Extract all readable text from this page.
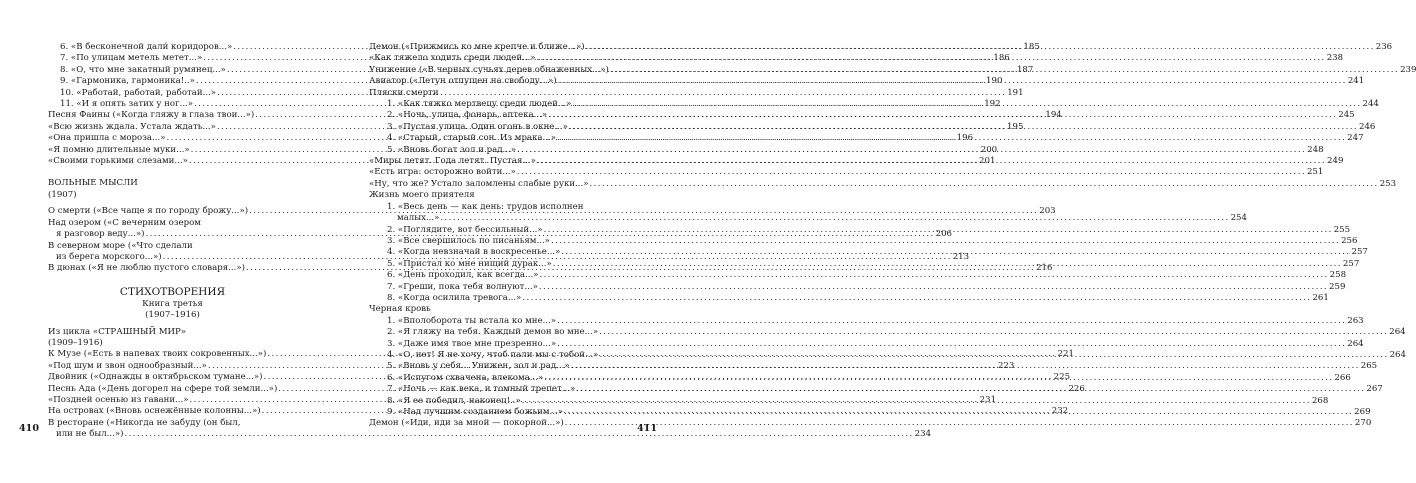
6. «В бесконечной дали́ коридоров...» .....	185
7. «По улицам метель метет...» .....	186
8. «О, что мне закатный румянец...» .....	187
9. «Гармоника, гармоника!..» .....	190
10. «Работай, работай, работай...» .....	191
11. «И я опять затих у ног...» .....	192
Песня Фаины («Когда гляжу в глаза твои...») .....	194
«Всю жизнь ждала. Устала ждать...» .....	195
«Она пришла с мороза...» .....	196
«Я помню длительные муки...» .....	200
«Своими горькими слезами...» .....	201
ВОЛЬНЫЕ МЫСЛИ
(1907)
О смерти («Все чаще я по городу брожу...») .....	203
Над озером («С вечерним озером
я разговор веду...») .....	206
В северном море («Что сделали
из берега морского...») .....	213
В дюнах («Я не люблю пустого словаря...») .....	216
СТИХОТВОРЕНИЯ
Книга третья
(1907–1916)
Из цикла «СТРАШНЫЙ МИР»
(1909–1916)
К Музе («Есть в напевах твоих сокровенных...») .....	221
«Под шум и звон однообразный...» .....	223
Двойник («Однажды в октябрьском тумане...») .....	225
Песнь Ада («День догорел на сфере той земли...») .....	226
«Поздней осенью из гавани...» .....	231
На островах («Вновь оснежённые колонны...») .....	232
В ресторане («Никогда не забуду (он был,
или не был...») .....	234
410
Демон («Прижмись ко мне крепче и ближе...») .....	236
«Как тяжело ходить среди людей...» .....	238
Унижение («В черных сучьях дерев обнаженных...») .....	239
Авиатор («Летун отпущен на свободу...») .....	241
Пляски смерти
1. «Как тяжко мертвецу среди людей...» .....	244
2. «Ночь, улица, фонарь, аптека...» .....	245
3. «Пустая улица. Один огонь в окне...» .....	246
4. «Старый, старый сон. Из мрака...» .....	247
5. «Вновь богат зол и рад...» .....	248
«Миры летят. Года летят. Пустая...» .....	249
«Есть игра: осторожно войти...» .....	251
«Ну, что же? Устало заломлены слабые руки...» .....	253
Жизнь моего приятеля
1. «Весь день — как день: трудов исполнен
малых...» .....	254
2. «Поглядите, вот бессильный...» .....	255
3. «Все свершилось по писаньям...» .....	256
4. «Когда невзначай в воскресенье...» .....	257
5. «Пристал ко мне нищий дурак...» .....	257
6. «День проходил, как всегда...» .....	258
7. «Греши, пока тебя волнуют...» .....	259
8. «Когда осилила тревога...» .....	261
Черная кровь
1. «Вполоборота ты встала ко мне...» .....	263
2. «Я гляжу на тебя. Каждый демон во мне...» .....	264
3. «Даже имя твое мне презренно...» .....	264
4. «О, нет! Я не хочу, чтоб пали мы с тобой...» .....	264
5. «Вновь у себя... Унижен, зол и рад...» .....	265
6. «Испугом схвачена, влекома...» .....	266
7. «Ночь — как века, и томный трепет...» .....	267
8. «Я ее победил, наконец!..» .....	268
9. «Над лучшим созданием божьим...» .....	269
Демон («Иди, иди за мной — покорной...») .....	270
411
